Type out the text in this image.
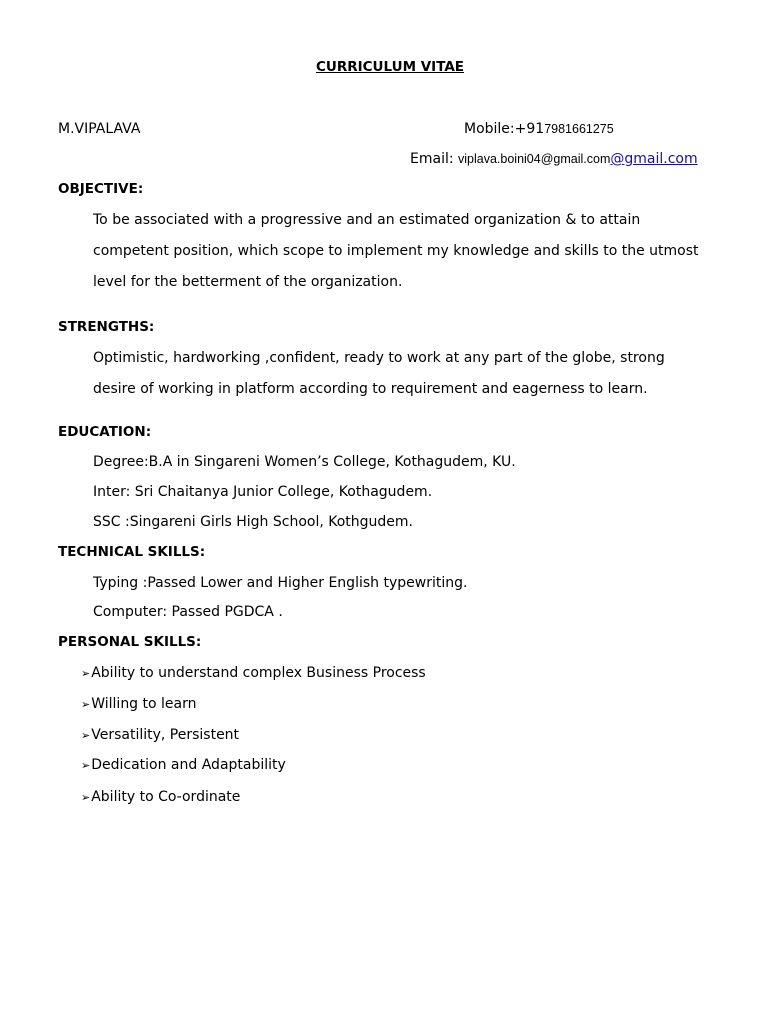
CURRICULUM VITAE
M.VIPALAVA	Mobile:+917981661275
Email: viplava.boini04@gmail.com@gmail.com
OBJECTIVE:
To be associated with a progressive and an estimated organization & to attain
competent position, which scope to implement my knowledge and skills to the utmost
level for the betterment of the organization.
STRENGTHS:
Optimistic, hardworking ,confident, ready to work at any part of the globe, strong
desire of working in platform according to requirement and eagerness to learn.
EDUCATION:
Degree:B.A in Singareni Women’s College, Kothagudem, KU.
Inter: Sri Chaitanya Junior College, Kothagudem.
SSC :Singareni Girls High School, Kothgudem.
TECHNICAL SKILLS:
Typing :Passed Lower and Higher English typewriting.
Computer: Passed PGDCA .
PERSONAL SKILLS:
➢Ability to understand complex Business Process
➢Willing to learn
➢Versatility, Persistent
➢Dedication and Adaptability
➢Ability to Co-ordinate
